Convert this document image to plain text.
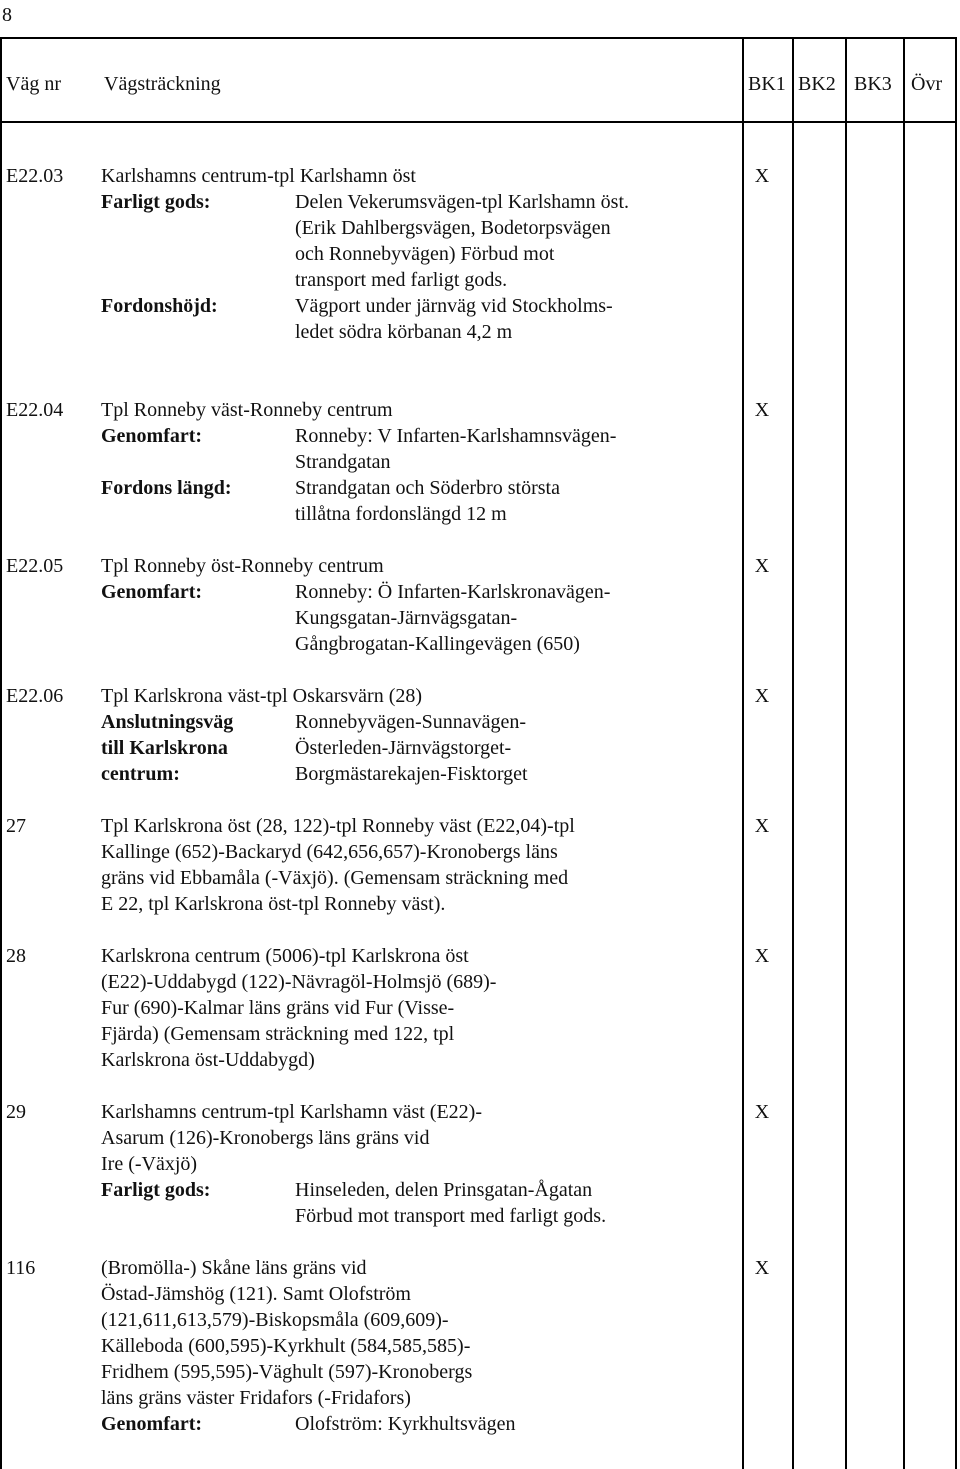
8
Väg nr Vägsträckning	BK1 BK2 BK3 Övr
E22.03 Karlshamns centrum-tpl Karlshamn öst	X
Farligt gods:	Delen Vekerumsvägen-tpl Karlshamn öst.
(Erik Dahlbergsvägen, Bodetorpsvägen
och Ronnebyvägen) Förbud mot
transport med farligt gods.
Fordonshöjd:	Vägport under järnväg vid Stockholms-
ledet södra körbanan 4,2 m
E22.04 Tpl Ronneby väst-Ronneby centrum	X
Genomfart:	Ronneby: V Infarten-Karlshamnsvägen-
Strandgatan
Fordons längd:	Strandgatan och Söderbro största
tillåtna fordonslängd 12 m
E22.05 Tpl Ronneby öst-Ronneby centrum	X
Genomfart:	Ronneby: Ö Infarten-Karlskronavägen-
Kungsgatan-Järnvägsgatan-
Gångbrogatan-Kallingevägen (650)
E22.06 Tpl Karlskrona väst-tpl Oskarsvärn (28)	X
Anslutningsväg	Ronnebyvägen-Sunnavägen-
till Karlskrona	Österleden-Järnvägstorget-
centrum:	Borgmästarekajen-Fisktorget
27	Tpl Karlskrona öst (28, 122)-tpl Ronneby väst (E22,04)-tpl	X
Kallinge (652)-Backaryd (642,656,657)-Kronobergs läns
gräns vid Ebbamåla (-Växjö). (Gemensam sträckning med
E 22, tpl Karlskrona öst-tpl Ronneby väst).
28	Karlskrona centrum (5006)-tpl Karlskrona öst	X
(E22)-Uddabygd (122)-Nävragöl-Holmsjö (689)-
Fur (690)-Kalmar läns gräns vid Fur (Visse-
Fjärda) (Gemensam sträckning med 122, tpl
Karlskrona öst-Uddabygd)
29	Karlshamns centrum-tpl Karlshamn väst (E22)-	X
Asarum (126)-Kronobergs läns gräns vid
Ire (-Växjö)
Farligt gods:	Hinseleden, delen Prinsgatan-Ågatan
Förbud mot transport med farligt gods.
116	(Bromölla-) Skåne läns gräns vid	X
Östad-Jämshög (121). Samt Olofström
(121,611,613,579)-Biskopsmåla (609,609)-
Källeboda (600,595)-Kyrkhult (584,585,585)-
Fridhem (595,595)-Väghult (597)-Kronobergs
läns gräns väster Fridafors (-Fridafors)
Genomfart:	Olofström: Kyrkhultsvägen
